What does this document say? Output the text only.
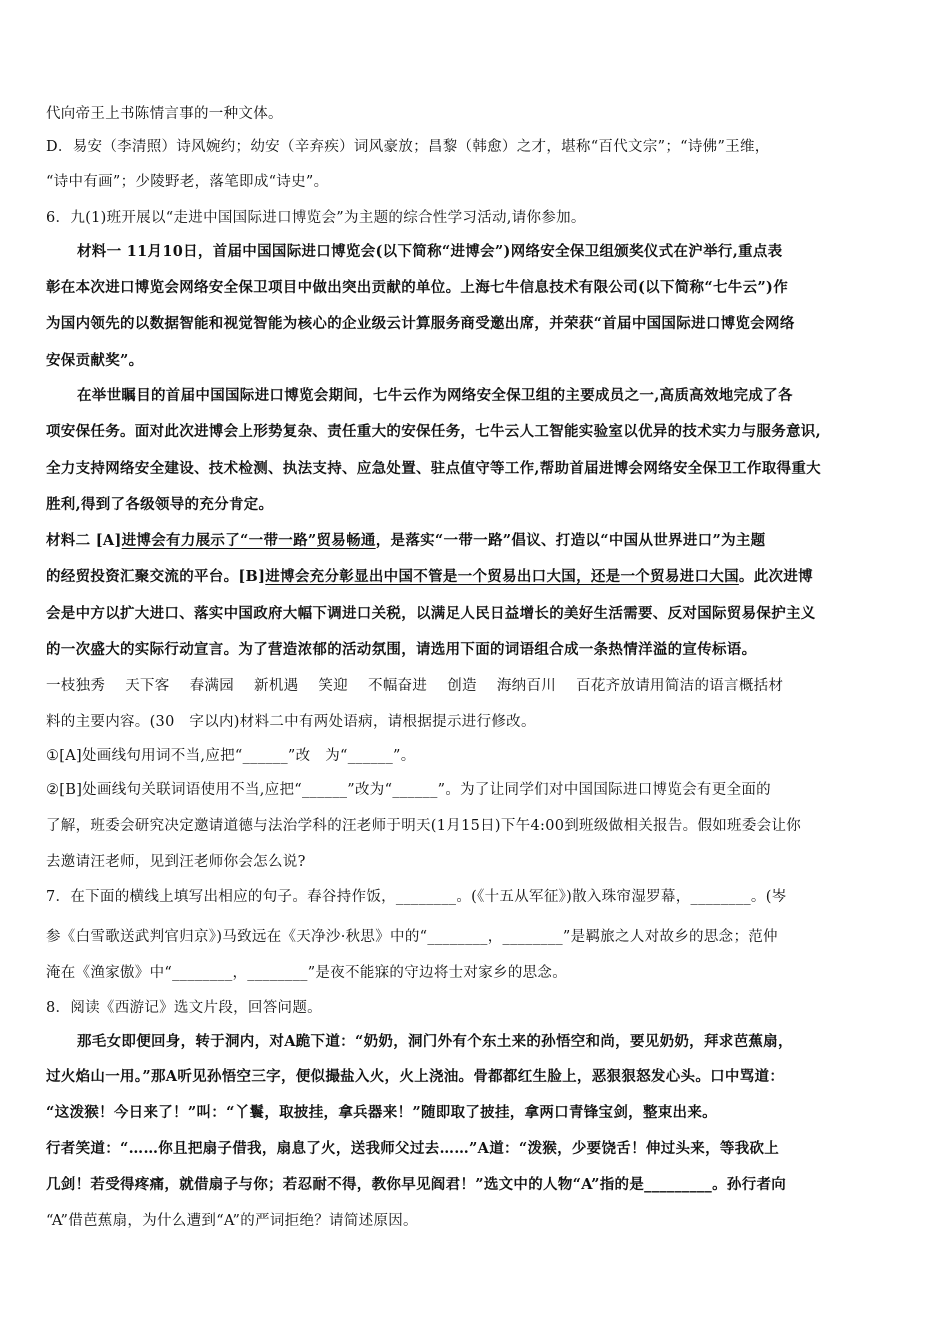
代向帝王上书陈情言事的一种文体。
D．易安（李清照）诗风婉约；幼安（辛弃疾）词风豪放；昌黎（韩愈）之才，堪称“百代文宗”；“诗佛”王维，
“诗中有画”；少陵野老，落笔即成“诗史”。
6．九(1)班开展以“走进中国国际进口博览会”为主题的综合性学习活动,请你参加。
材料一 11月10日，首届中国国际进口博览会(以下简称“进博会”)网络安全保卫组颁奖仪式在沪举行,重点表
彰在本次进口博览会网络安全保卫项目中做出突出贡献的单位。上海七牛信息技术有限公司(以下简称“七牛云”)作
为国内领先的以数据智能和视觉智能为核心的企业级云计算服务商受邀出席，并荣获“首届中国国际进口博览会网络
安保贡献奖”。
在举世瞩目的首届中国国际进口博览会期间，七牛云作为网络安全保卫组的主要成员之一,高质高效地完成了各
项安保任务。面对此次进博会上形势复杂、责任重大的安保任务，七牛云人工智能实验室以优异的技术实力与服务意识,
全力支持网络安全建设、技术检测、执法支持、应急处置、驻点值守等工作,帮助首届进博会网络安全保卫工作取得重大
胜利,得到了各级领导的充分肯定。
材料二 [A]进博会有力展示了“一带一路”贸易畅通，是落实“一带一路”倡议、打造以“中国从世界进口”为主题
的经贸投资汇聚交流的平台。[B]进博会充分彰显出中国不管是一个贸易出口大国，还是一个贸易进口大国。此次进博
会是中方以扩大进口、落实中国政府大幅下调进口关税，以满足人民日益增长的美好生活需要、反对国际贸易保护主义
的一次盛大的实际行动宣言。为了营造浓郁的活动氛围，请选用下面的词语组合成一条热情洋溢的宣传标语。
一枝独秀 天下客 春满园 新机遇 笑迎 不幅奋进 创造 海纳百川 百花齐放请用简洁的语言概括材
料的主要内容。(30　字以内)材料二中有两处语病，请根据提示进行修改。
①[A]处画线句用词不当,应把“______”改　为“______”。
②[B]处画线句关联词语使用不当,应把“______”改为“______”。为了让同学们对中国国际进口博览会有更全面的
了解，班委会研究决定邀请道德与法治学科的汪老师于明天(1月15日)下午4:00到班级做相关报告。假如班委会让你
去邀请汪老师，见到汪老师你会怎么说?
7．在下面的横线上填写出相应的句子。春谷持作饭，________。(《十五从军征》)散入珠帘湿罗幕，________。(岑
参《白雪歌送武判官归京》)马致远在《天净沙·秋思》中的“________，________”是羁旅之人对故乡的思念；范仲
淹在《渔家傲》中“________，________”是夜不能寐的守边将士对家乡的思念。
8．阅读《西游记》选文片段，回答问题。
那毛女即便回身，转于洞内，对A跪下道：“奶奶，洞门外有个东土来的孙悟空和尚，要见奶奶，拜求芭蕉扇，
过火焰山一用。”那A听见孙悟空三字，便似撮盐入火，火上浇油。骨都都红生脸上，恶狠狠怒发心头。口中骂道：
“这泼猴！今日来了！”叫：“丫鬟，取披挂，拿兵器来！”随即取了披挂，拿两口青锋宝剑，整束出来。
行者笑道：“……你且把扇子借我，扇息了火，送我师父过去……”A道：“泼猴，少要饶舌！伸过头来，等我砍上
几剑！若受得疼痛，就借扇子与你；若忍耐不得，教你早见阎君！”选文中的人物“A”指的是_________。孙行者向
“A”借芭蕉扇，为什么遭到“A”的严词拒绝？请简述原因。
